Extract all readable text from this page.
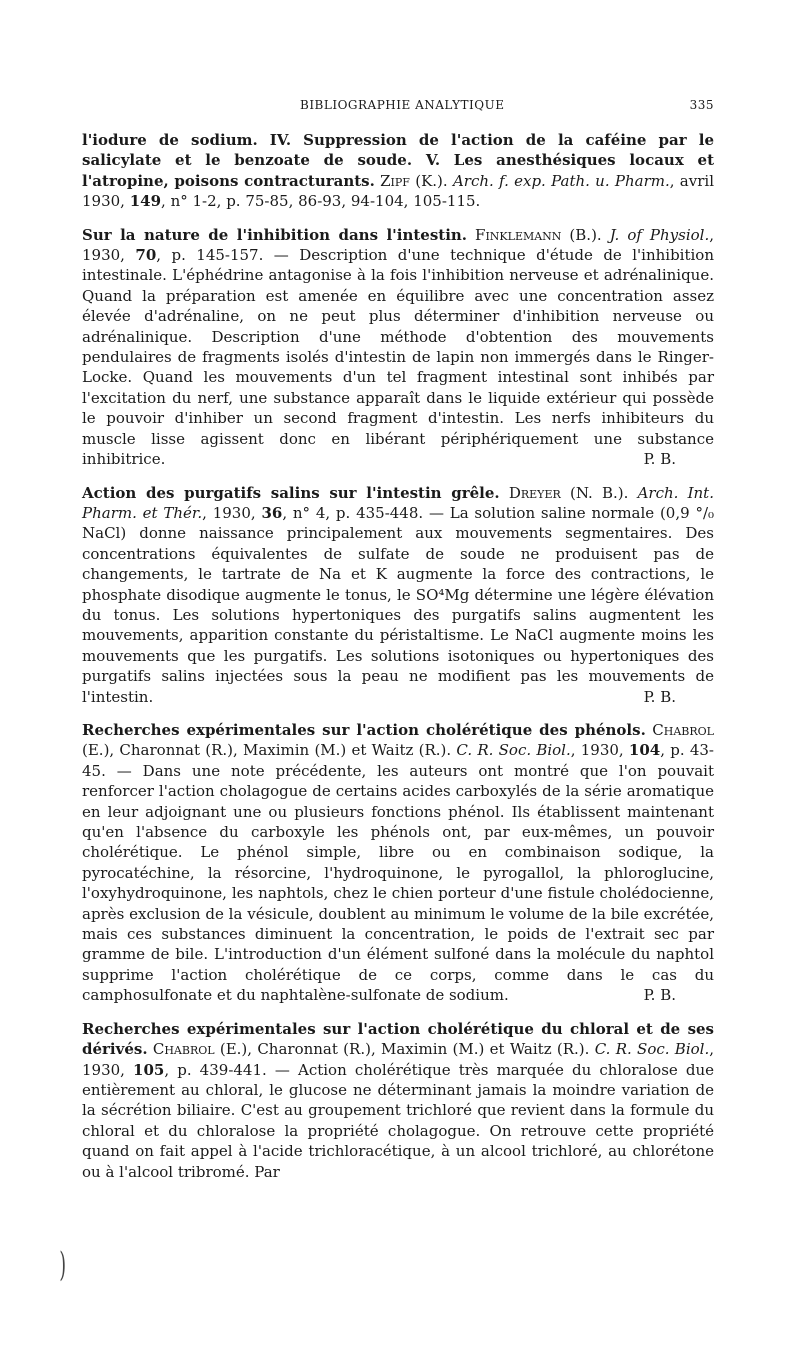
BIBLIOGRAPHIE ANALYTIQUE	335

l'iodure de sodium. IV. Suppression de l'action de la caféine par le salicylate et le benzoate de soude. V. Les anesthésiques locaux et l'atropine, poisons contracturants. Zipf (K.). Arch. f. exp. Path. u. Pharm., avril 1930, 149, n° 1-2, p. 75-85, 86-93, 94-104, 105-115.

Sur la nature de l'inhibition dans l'intestin. Finklemann (B.). J. of Physiol., 1930, 70, p. 145-157. — Description d'une technique d'étude de l'inhibition intestinale. L'éphédrine antagonise à la fois l'inhibition nerveuse et adrénalinique. Quand la préparation est amenée en équilibre avec une concentration assez élevée d'adrénaline, on ne peut plus déterminer d'inhibition nerveuse ou adrénalinique. Description d'une méthode d'obtention des mouvements pendulaires de fragments isolés d'intestin de lapin non immergés dans le Ringer-Locke. Quand les mouvements d'un tel fragment intestinal sont inhibés par l'excitation du nerf, une substance apparaît dans le liquide extérieur qui possède le pouvoir d'inhiber un second fragment d'intestin. Les nerfs inhibiteurs du muscle lisse agissent donc en libérant périphériquement une substance inhibitrice.	P. B.

Action des purgatifs salins sur l'intestin grêle. Dreyer (N. B.). Arch. Int. Pharm. et Thér., 1930, 36, n° 4, p. 435-448. — La solution saline normale (0,9 °/₀ NaCl) donne naissance principalement aux mouvements segmentaires. Des concentrations équivalentes de sulfate de soude ne produisent pas de changements, le tartrate de Na et K augmente la force des contractions, le phosphate disodique augmente le tonus, le SO⁴Mg détermine une légère élévation du tonus. Les solutions hypertoniques des purgatifs salins augmentent les mouvements, apparition constante du péristaltisme. Le NaCl augmente moins les mouvements que les purgatifs. Les solutions isotoniques ou hypertoniques des purgatifs salins injectées sous la peau ne modifient pas les mouvements de l'intestin.	P. B.

Recherches expérimentales sur l'action cholérétique des phénols. Chabrol (E.), Charonnat (R.), Maximin (M.) et Waitz (R.). C. R. Soc. Biol., 1930, 104, p. 43-45. — Dans une note précédente, les auteurs ont montré que l'on pouvait renforcer l'action cholagogue de certains acides carboxylés de la série aromatique en leur adjoignant une ou plusieurs fonctions phénol. Ils établissent maintenant qu'en l'absence du carboxyle les phénols ont, par eux-mêmes, un pouvoir cholérétique. Le phénol simple, libre ou en combinaison sodique, la pyrocatéchine, la résorcine, l'hydroquinone, le pyrogallol, la phloroglucine, l'oxyhydroquinone, les naphtols, chez le chien porteur d'une fistule cholédocienne, après exclusion de la vésicule, doublent au minimum le volume de la bile excrétée, mais ces substances diminuent la concentration, le poids de l'extrait sec par gramme de bile. L'introduction d'un élément sulfoné dans la molécule du naphtol supprime l'action cholérétique de ce corps, comme dans le cas du camphosulfonate et du naphtalène-sulfonate de sodium.	P. B.

Recherches expérimentales sur l'action cholérétique du chloral et de ses dérivés. Chabrol (E.), Charonnat (R.), Maximin (M.) et Waitz (R.). C. R. Soc. Biol., 1930, 105, p. 439-441. — Action cholérétique très marquée du chloralose due entièrement au chloral, le glucose ne déterminant jamais la moindre variation de la sécrétion biliaire. C'est au groupement trichloré que revient dans la formule du chloral et du chloralose la propriété cholagogue. On retrouve cette propriété quand on fait appel à l'acide trichloracétique, à un alcool trichloré, au chlorétone ou à l'alcool tribromé. Par

)
